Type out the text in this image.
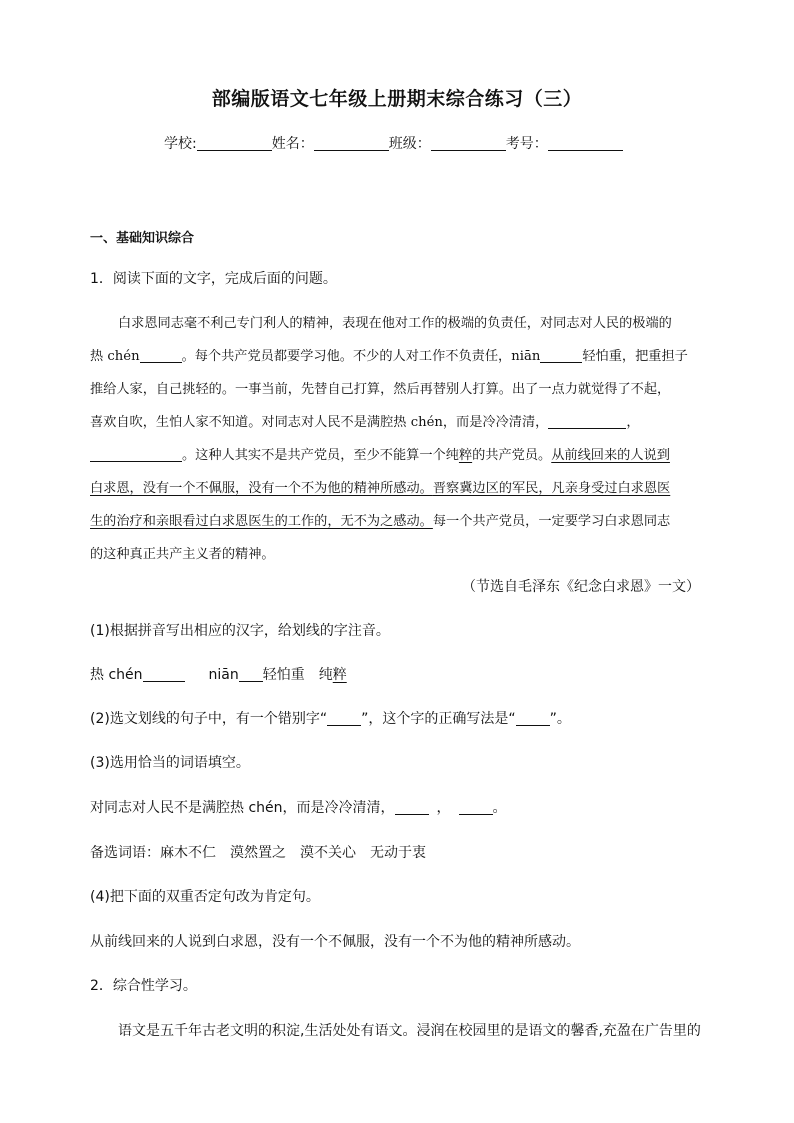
部编版语文七年级上册期末综合练习（三）
学校:	姓名：	班级：	考号：
一、基础知识综合
1．阅读下面的文字，完成后面的问题。
白求恩同志毫不利己专门利人的精神，表现在他对工作的极端的负责任，对同志对人民的极端的
热 chén	。每个共产党员都要学习他。不少的人对工作不负责任，niān	轻怕重，把重担子
推给人家，自己挑轻的。一事当前，先替自己打算，然后再替别人打算。出了一点力就觉得了不起，
喜欢自吹，生怕人家不知道。对同志对人民不是满腔热 chén，而是冷冷清清，	，
。这种人其实不是共产党员，至少不能算一个纯粹的共产党员。从前线回来的人说到
白求恩，没有一个不佩服，没有一个不为他的精神所感动。晋察冀边区的军民，凡亲身受过白求恩医
生的治疗和亲眼看过白求恩医生的工作的，无不为之感动。每一个共产党员，一定要学习白求恩同志
的这种真正共产主义者的精神。
（节选自毛泽东《纪念白求恩》一文）
(1)根据拼音写出相应的汉字，给划线的字注音。
热 chén	niān 轻怕重 纯粹
(2)选文划线的句子中，有一个错别字“ ”，这个字的正确写法是“ ”。
(3)选用恰当的词语填空。
对同志对人民不是满腔热 chén，而是冷冷清清，	，	。
备选词语：麻木不仁 漠然置之 漠不关心 无动于衷
(4)把下面的双重否定句改为肯定句。
从前线回来的人说到白求恩，没有一个不佩服，没有一个不为他的精神所感动。
2．综合性学习。
语文是五千年古老文明的积淀,生活处处有语文。浸润在校园里的是语文的馨香,充盈在广告里的
